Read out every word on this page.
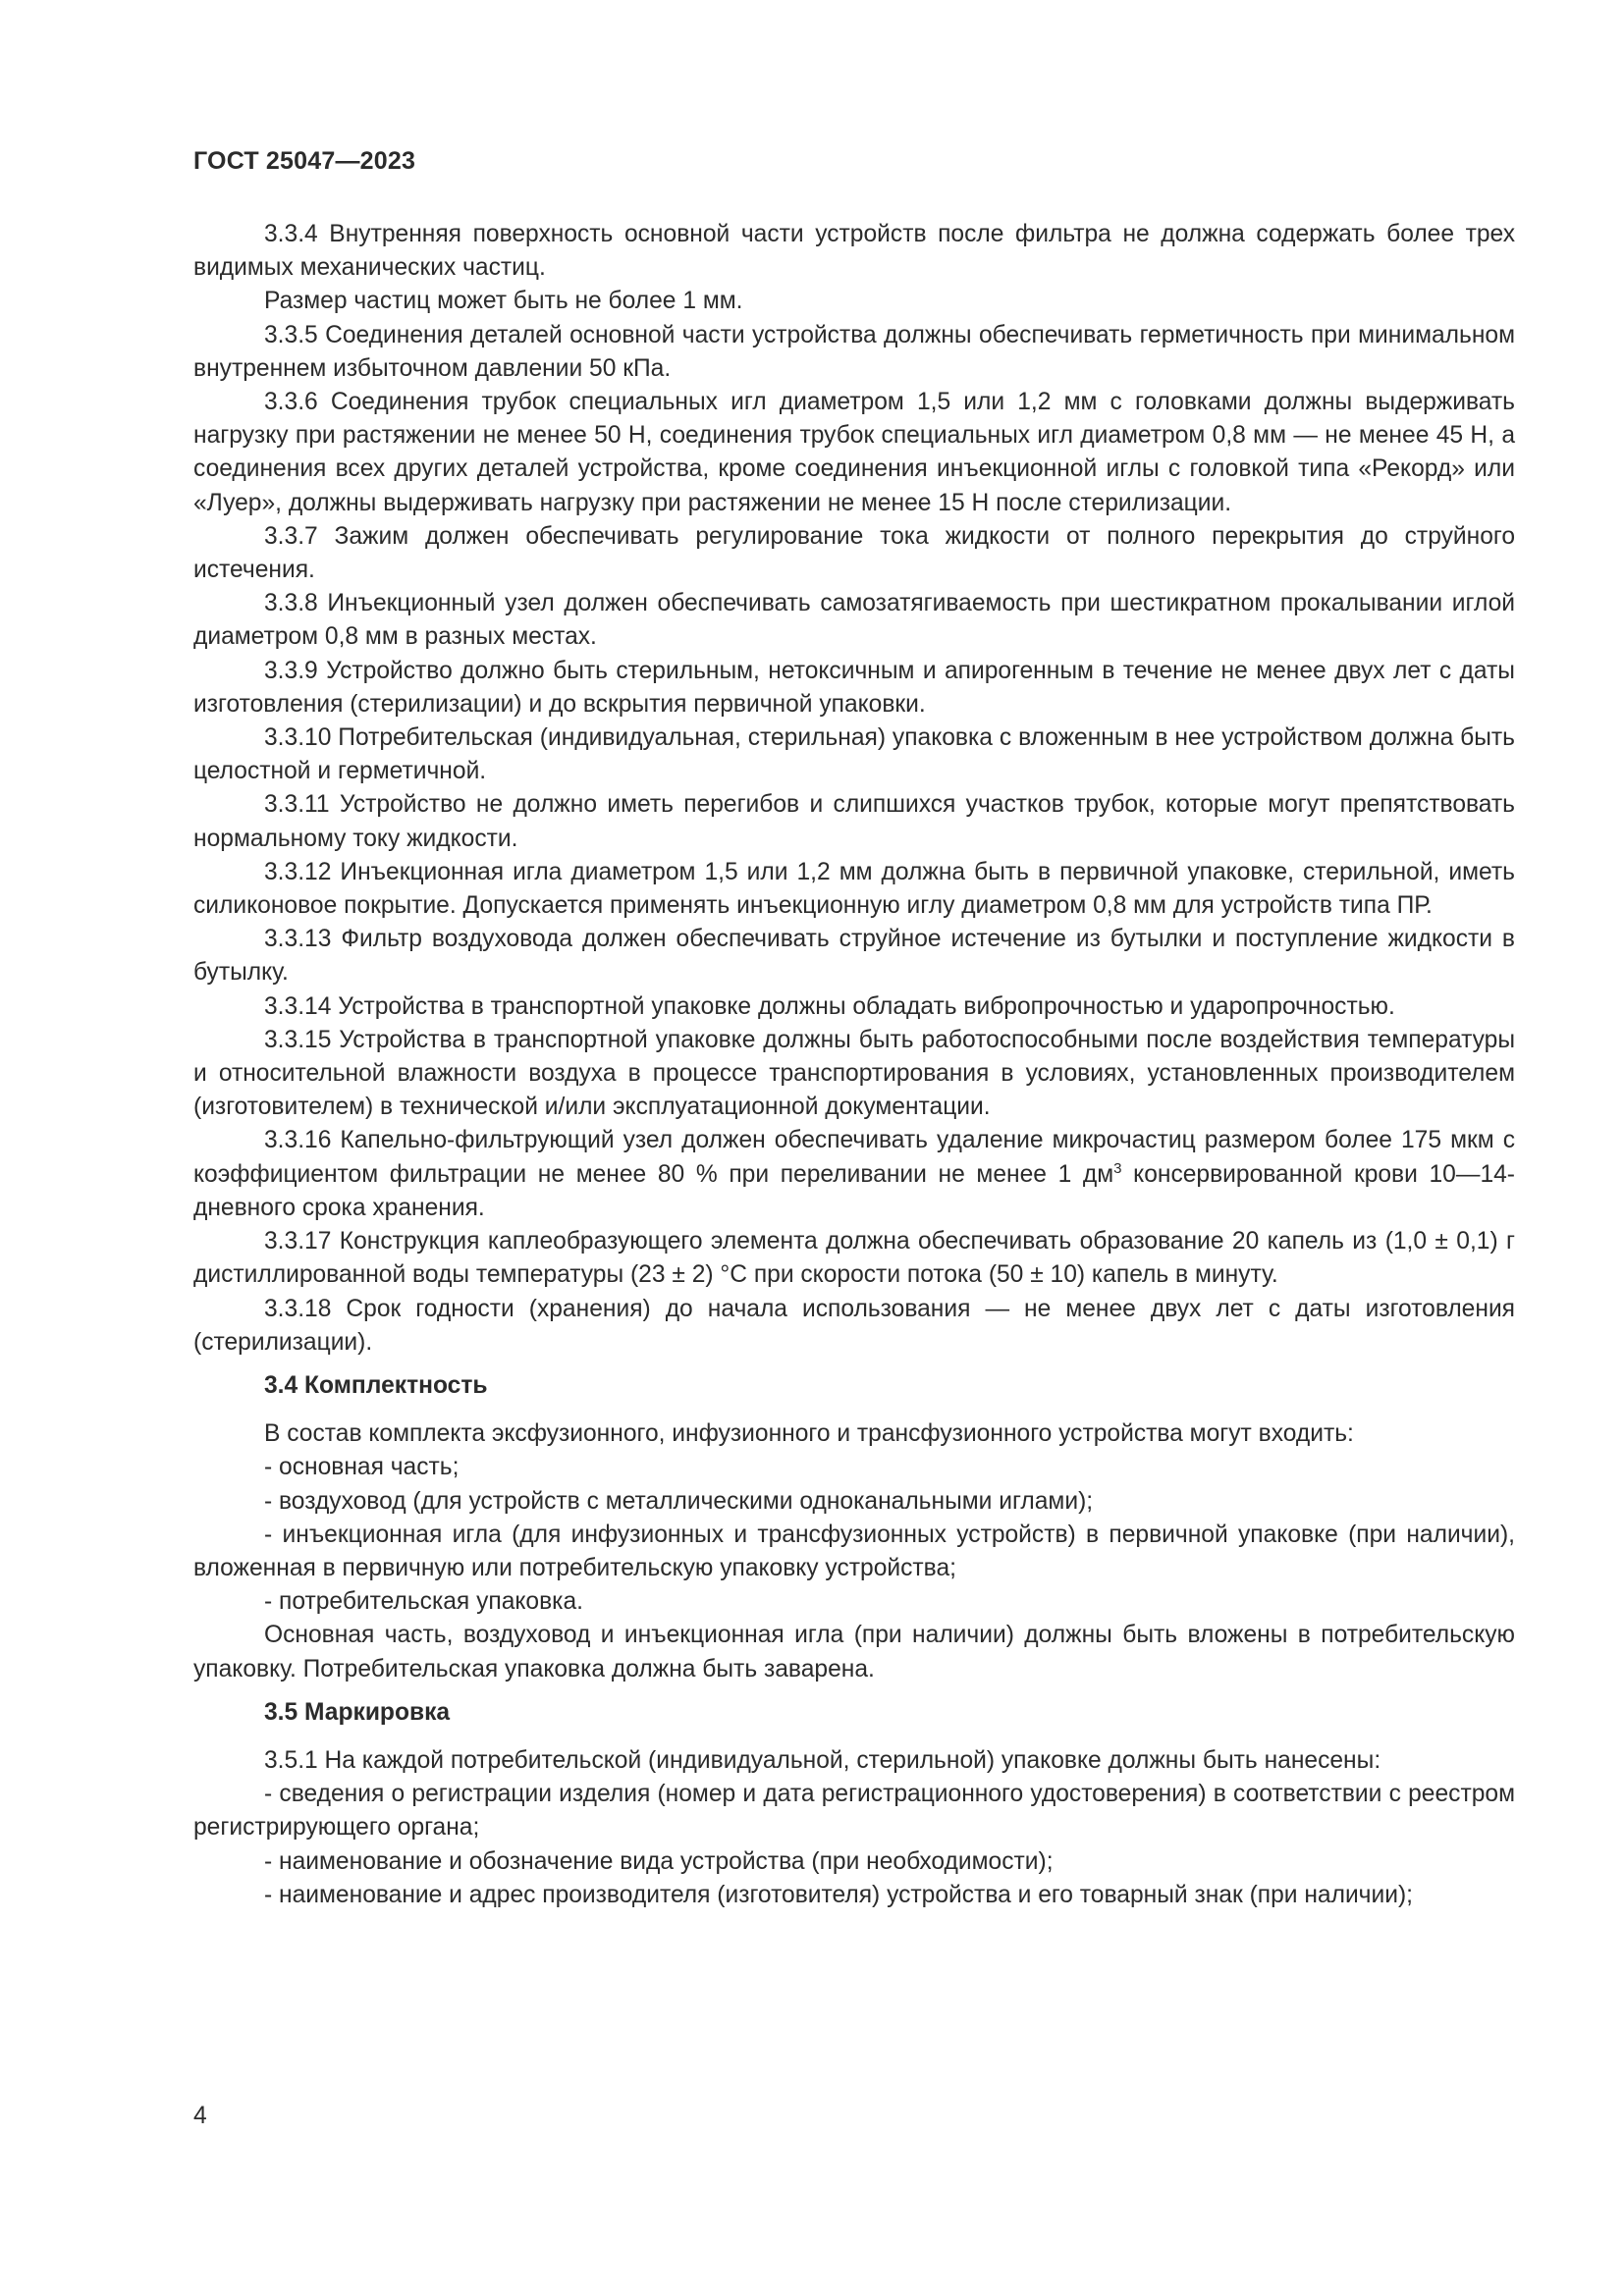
ГОСТ 25047—2023

3.3.4 Внутренняя поверхность основной части устройств после фильтра не должна содержать более трех видимых механических частиц.

Размер частиц может быть не более 1 мм.

3.3.5 Соединения деталей основной части устройства должны обеспечивать герметичность при минимальном внутреннем избыточном давлении 50 кПа.

3.3.6 Соединения трубок специальных игл диаметром 1,5 или 1,2 мм с головками должны выдерживать нагрузку при растяжении не менее 50 Н, соединения трубок специальных игл диаметром 0,8 мм — не менее 45 Н, а соединения всех других деталей устройства, кроме соединения инъекционной иглы с головкой типа «Рекорд» или «Луер», должны выдерживать нагрузку при растяжении не менее 15 Н после стерилизации.

3.3.7 Зажим должен обеспечивать регулирование тока жидкости от полного перекрытия до струйного истечения.

3.3.8 Инъекционный узел должен обеспечивать самозатягиваемость при шестикратном прокалывании иглой диаметром 0,8 мм в разных местах.

3.3.9 Устройство должно быть стерильным, нетоксичным и апирогенным в течение не менее двух лет с даты изготовления (стерилизации) и до вскрытия первичной упаковки.

3.3.10 Потребительская (индивидуальная, стерильная) упаковка с вложенным в нее устройством должна быть целостной и герметичной.

3.3.11 Устройство не должно иметь перегибов и слипшихся участков трубок, которые могут препятствовать нормальному току жидкости.

3.3.12 Инъекционная игла диаметром 1,5 или 1,2 мм должна быть в первичной упаковке, стерильной, иметь силиконовое покрытие. Допускается применять инъекционную иглу диаметром 0,8 мм для устройств типа ПР.

3.3.13 Фильтр воздуховода должен обеспечивать струйное истечение из бутылки и поступление жидкости в бутылку.

3.3.14 Устройства в транспортной упаковке должны обладать вибропрочностью и ударопрочностью.

3.3.15 Устройства в транспортной упаковке должны быть работоспособными после воздействия температуры и относительной влажности воздуха в процессе транспортирования в условиях, установленных производителем (изготовителем) в технической и/или эксплуатационной документации.

3.3.16 Капельно-фильтрующий узел должен обеспечивать удаление микрочастиц размером более 175 мкм с коэффициентом фильтрации не менее 80 % при переливании не менее 1 $дм^3$ консервированной крови 10—14-дневного срока хранения.

3.3.17 Конструкция каплеобразующего элемента должна обеспечивать образование 20 капель из (1,0 ± 0,1) г дистиллированной воды температуры (23 ± 2) °С при скорости потока (50 ± 10) капель в минуту.

3.3.18 Срок годности (хранения) до начала использования — не менее двух лет с даты изготовления (стерилизации).

3.4 Комплектность

В состав комплекта эксфузионного, инфузионного и трансфузионного устройства могут входить:

- основная часть;

- воздуховод (для устройств с металлическими одноканальными иглами);

- инъекционная игла (для инфузионных и трансфузионных устройств) в первичной упаковке (при наличии), вложенная в первичную или потребительскую упаковку устройства;

- потребительская упаковка.

Основная часть, воздуховод и инъекционная игла (при наличии) должны быть вложены в потребительскую упаковку. Потребительская упаковка должна быть заварена.

3.5 Маркировка

3.5.1 На каждой потребительской (индивидуальной, стерильной) упаковке должны быть нанесены:

- сведения о регистрации изделия (номер и дата регистрационного удостоверения) в соответствии с реестром регистрирующего органа;

- наименование и обозначение вида устройства (при необходимости);

- наименование и адрес производителя (изготовителя) устройства и его товарный знак (при наличии);

4
